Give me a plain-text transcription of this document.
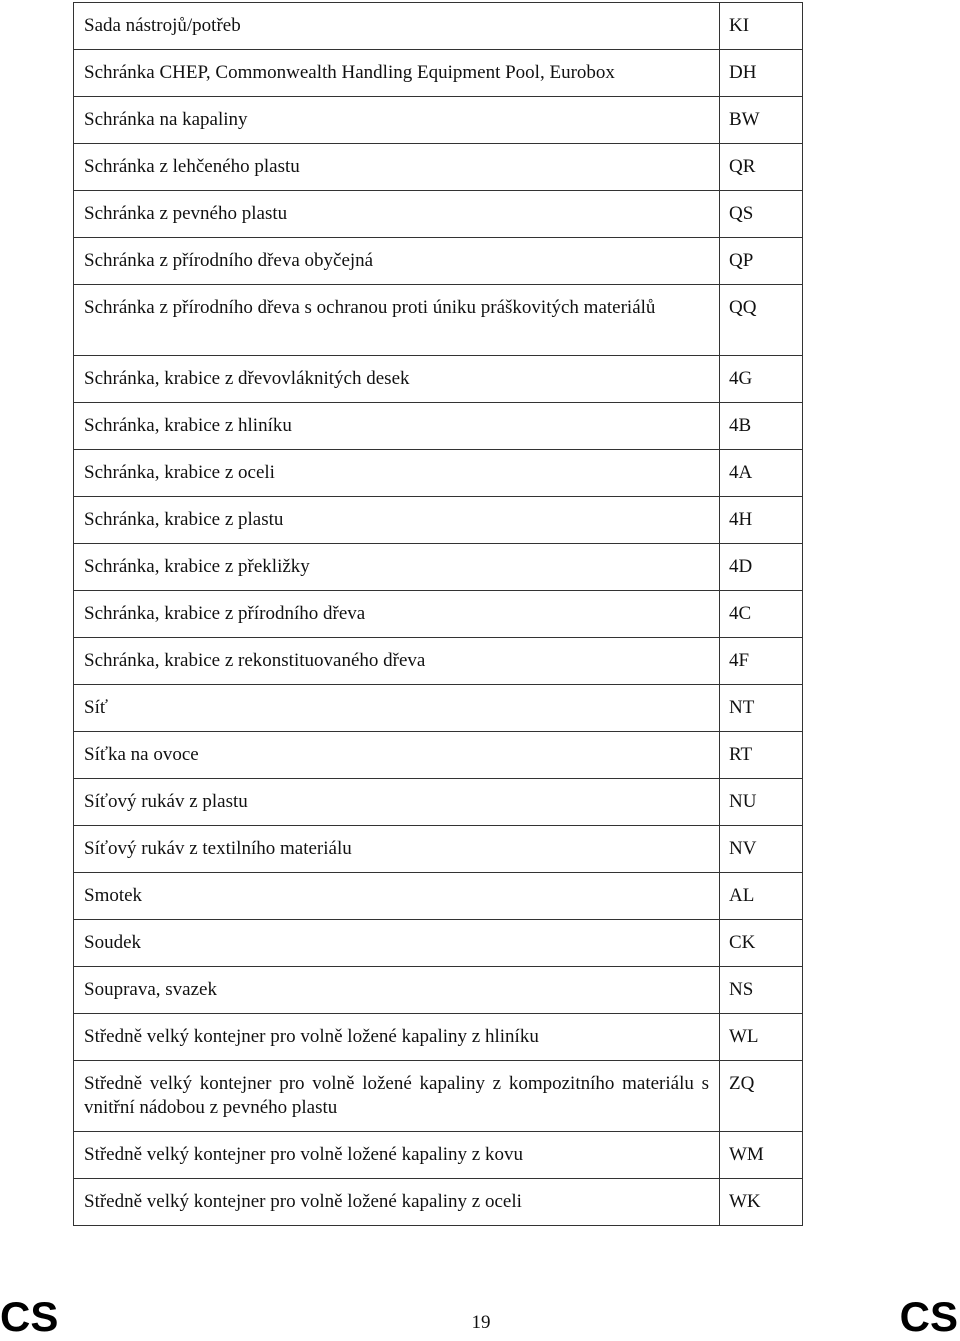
Sada nástrojů/potřeb	KI
Schránka CHEP, Commonwealth Handling Equipment Pool, Eurobox	DH
Schránka na kapaliny	BW
Schránka z lehčeného plastu	QR
Schránka z pevného plastu	QS
Schránka z přírodního dřeva obyčejná	QP
Schránka z přírodního dřeva s ochranou proti úniku práškovitých materiálů	QQ
Schránka, krabice z dřevovláknitých desek	4G
Schránka, krabice z hliníku	4B
Schránka, krabice z oceli	4A
Schránka, krabice z plastu	4H
Schránka, krabice z překližky	4D
Schránka, krabice z přírodního dřeva	4C
Schránka, krabice z rekonstituovaného dřeva	4F
Síť	NT
Síťka na ovoce	RT
Síťový rukáv z plastu	NU
Síťový rukáv z textilního materiálu	NV
Smotek	AL
Soudek	CK
Souprava, svazek	NS
Středně velký kontejner pro volně ložené kapaliny z hliníku	WL
Středně velký kontejner pro volně ložené kapaliny z kompozitního materiálu s vnitřní nádobou z pevného plastu	ZQ
Středně velký kontejner pro volně ložené kapaliny z kovu	WM
Středně velký kontejner pro volně ložené kapaliny z oceli	WK
CS	19	CS
